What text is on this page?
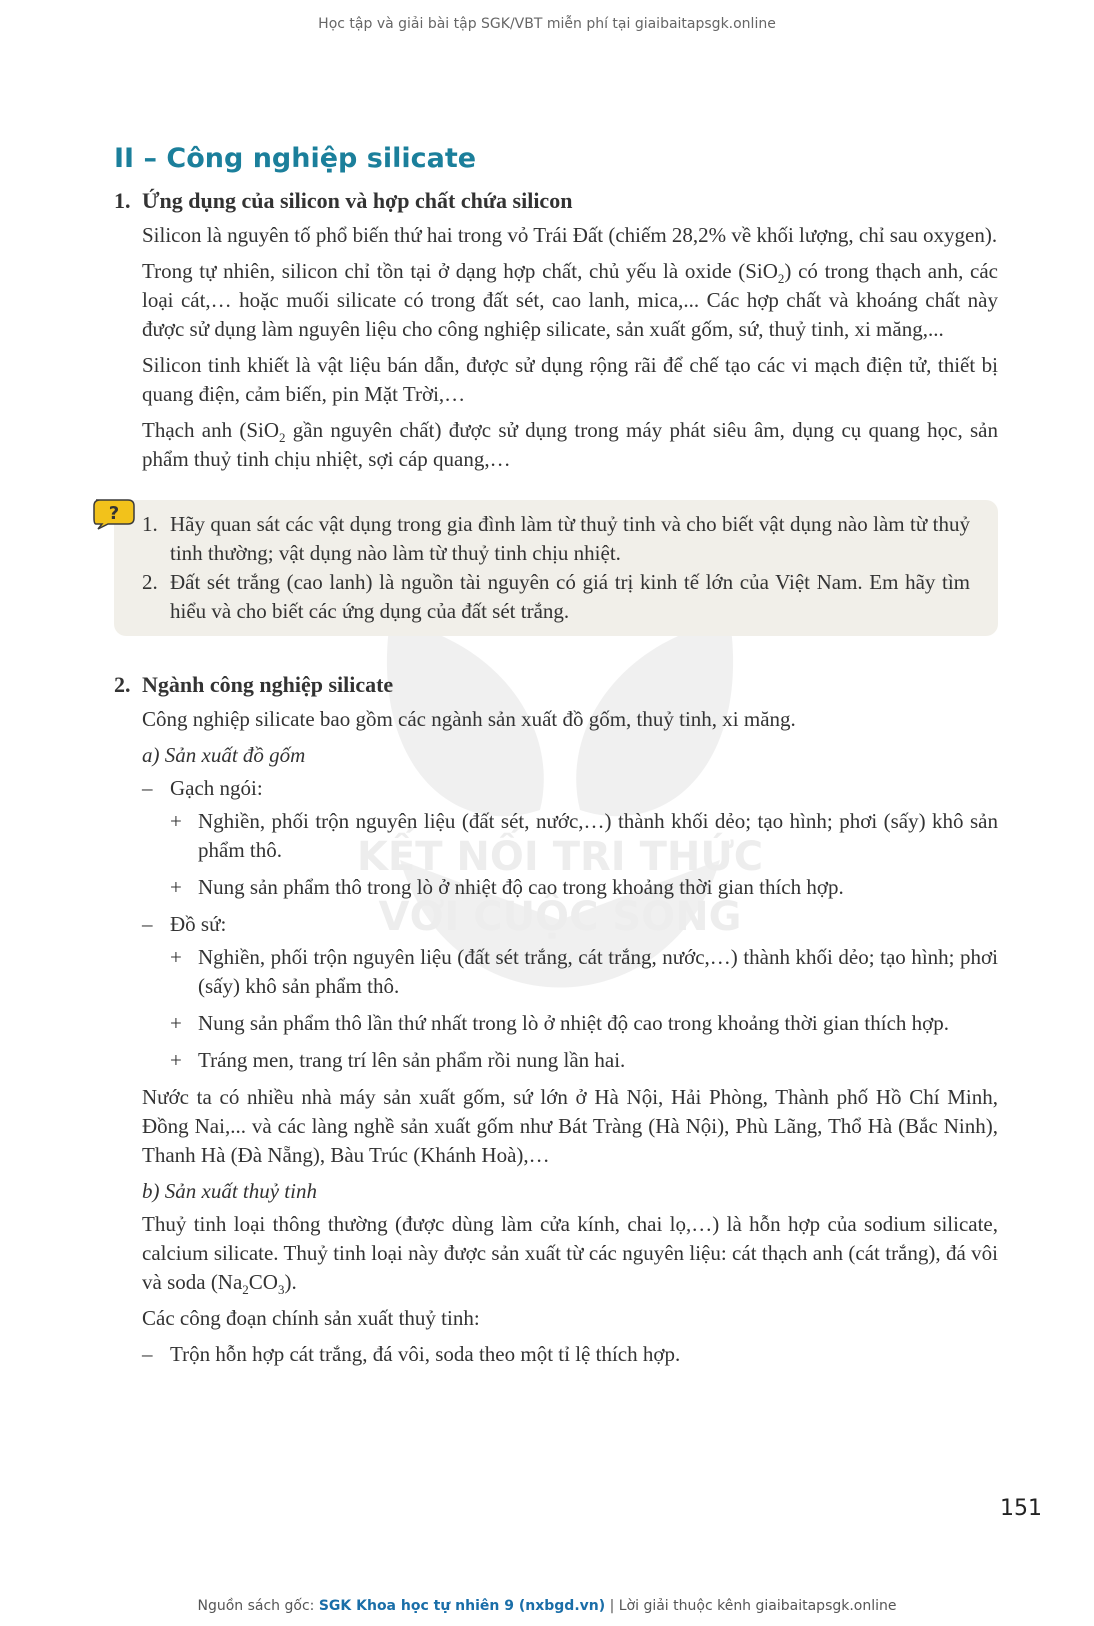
Học tập và giải bài tập SGK/VBT miễn phí tại giaibaitapsgk.online
KẾT NỐI TRI THỨC
VỚI CUỘC SỐNG
II – Công nghiệp silicate
1. Ứng dụng của silicon và hợp chất chứa silicon

Silicon là nguyên tố phổ biến thứ hai trong vỏ Trái Đất (chiếm 28,2% về khối lượng, chỉ sau oxygen).

Trong tự nhiên, silicon chỉ tồn tại ở dạng hợp chất, chủ yếu là oxide (SiO$_2$) có trong thạch anh, các loại cát,… hoặc muối silicate có trong đất sét, cao lanh, mica,... Các hợp chất và khoáng chất này được sử dụng làm nguyên liệu cho công nghiệp silicate, sản xuất gốm, sứ, thuỷ tinh, xi măng,...

Silicon tinh khiết là vật liệu bán dẫn, được sử dụng rộng rãi để chế tạo các vi mạch điện tử, thiết bị quang điện, cảm biến, pin Mặt Trời,…

Thạch anh (SiO$_2$ gần nguyên chất) được sử dụng trong máy phát siêu âm, dụng cụ quang học, sản phẩm thuỷ tinh chịu nhiệt, sợi cáp quang,…

? 1. Hãy quan sát các vật dụng trong gia đình làm từ thuỷ tinh và cho biết vật dụng nào làm từ thuỷ tinh thường; vật dụng nào làm từ thuỷ tinh chịu nhiệt.
2. Đất sét trắng (cao lanh) là nguồn tài nguyên có giá trị kinh tế lớn của Việt Nam. Em hãy tìm hiểu và cho biết các ứng dụng của đất sét trắng.
2. Ngành công nghiệp silicate

Công nghiệp silicate bao gồm các ngành sản xuất đồ gốm, thuỷ tinh, xi măng.

a) Sản xuất đồ gốm
– Gạch ngói:
+ Nghiền, phối trộn nguyên liệu (đất sét, nước,…) thành khối dẻo; tạo hình; phơi (sấy) khô sản phẩm thô.
+ Nung sản phẩm thô trong lò ở nhiệt độ cao trong khoảng thời gian thích hợp.
– Đồ sứ:
+ Nghiền, phối trộn nguyên liệu (đất sét trắng, cát trắng, nước,…) thành khối dẻo; tạo hình; phơi (sấy) khô sản phẩm thô.
+ Nung sản phẩm thô lần thứ nhất trong lò ở nhiệt độ cao trong khoảng thời gian thích hợp.
+ Tráng men, trang trí lên sản phẩm rồi nung lần hai.

Nước ta có nhiều nhà máy sản xuất gốm, sứ lớn ở Hà Nội, Hải Phòng, Thành phố Hồ Chí Minh, Đồng Nai,... và các làng nghề sản xuất gốm như Bát Tràng (Hà Nội), Phù Lãng, Thổ Hà (Bắc Ninh), Thanh Hà (Đà Nẵng), Bàu Trúc (Khánh Hoà),…

b) Sản xuất thuỷ tinh

Thuỷ tinh loại thông thường (được dùng làm cửa kính, chai lọ,…) là hỗn hợp của sodium silicate, calcium silicate. Thuỷ tinh loại này được sản xuất từ các nguyên liệu: cát thạch anh (cát trắng), đá vôi và soda $(Na_2CO_3)$.

Các công đoạn chính sản xuất thuỷ tinh:

– Trộn hỗn hợp cát trắng, đá vôi, soda theo một tỉ lệ thích hợp.
151
Nguồn sách gốc: SGK Khoa học tự nhiên 9 (nxbgd.vn) | Lời giải thuộc kênh giaibaitapsgk.online
